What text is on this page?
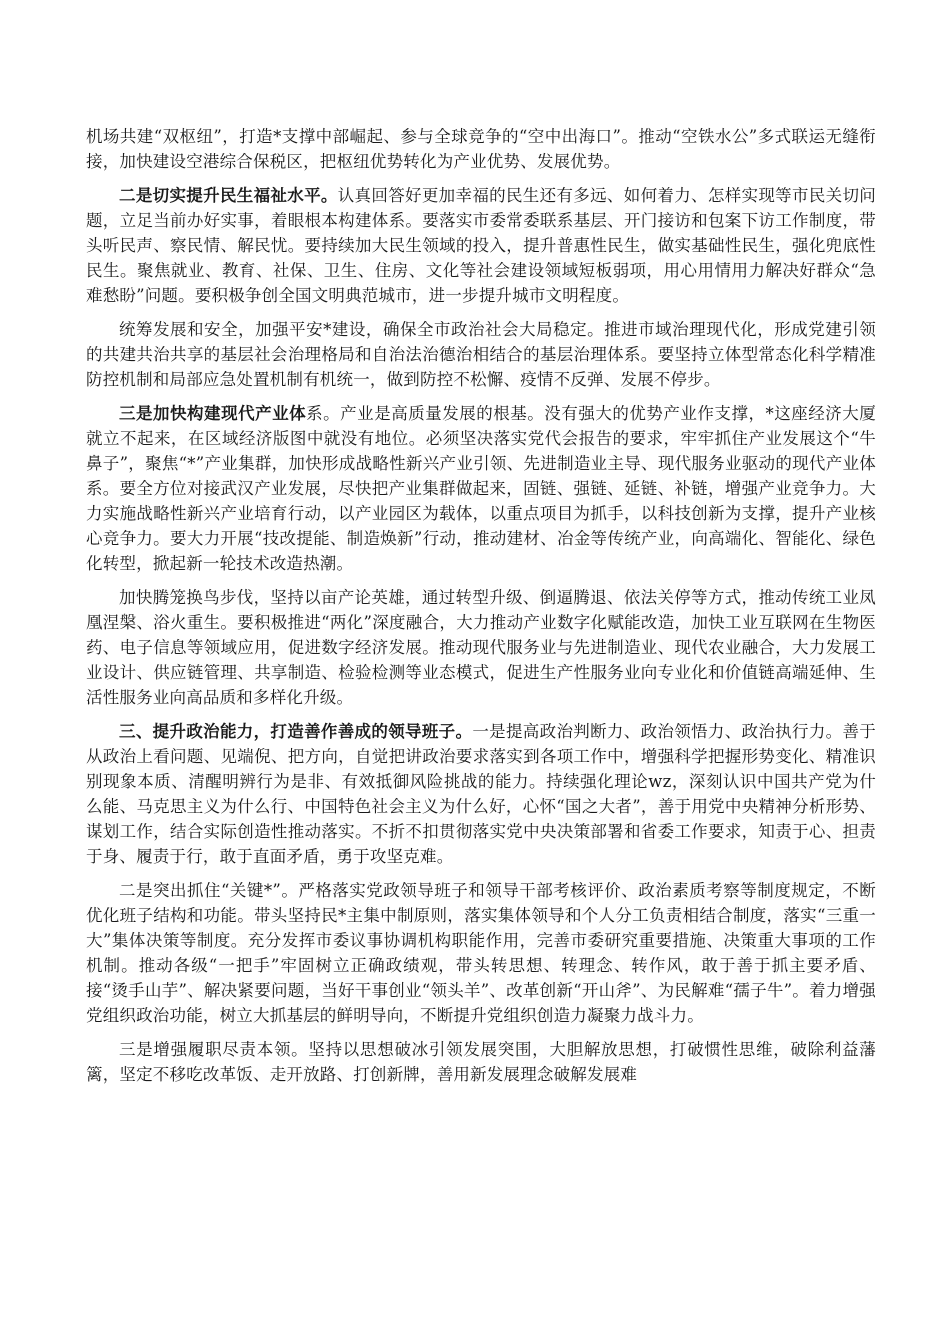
机场共建“双枢纽”，打造*支撑中部崛起、参与全球竞争的“空中出海口”。推动“空铁水公”多式联运无缝衔接，加快建设空港综合保税区，把枢纽优势转化为产业优势、发展优势。

二是切实提升民生福祉水平。认真回答好更加幸福的民生还有多远、如何着力、怎样实现等市民关切问题，立足当前办好实事，着眼根本构建体系。要落实市委常委联系基层、开门接访和包案下访工作制度，带头听民声、察民情、解民忧。要持续加大民生领域的投入，提升普惠性民生，做实基础性民生，强化兜底性民生。聚焦就业、教育、社保、卫生、住房、文化等社会建设领域短板弱项，用心用情用力解决好群众“急难愁盼”问题。要积极争创全国文明典范城市，进一步提升城市文明程度。

统筹发展和安全，加强平安*建设，确保全市政治社会大局稳定。推进市域治理现代化，形成党建引领的共建共治共享的基层社会治理格局和自治法治德治相结合的基层治理体系。要坚持立体型常态化科学精准防控机制和局部应急处置机制有机统一，做到防控不松懈、疫情不反弹、发展不停步。

三是加快构建现代产业体系。产业是高质量发展的根基。没有强大的优势产业作支撑，*这座经济大厦就立不起来，在区域经济版图中就没有地位。必须坚决落实党代会报告的要求，牢牢抓住产业发展这个“牛鼻子”，聚焦“*”产业集群，加快形成战略性新兴产业引领、先进制造业主导、现代服务业驱动的现代产业体系。要全方位对接武汉产业发展，尽快把产业集群做起来，固链、强链、延链、补链，增强产业竞争力。大力实施战略性新兴产业培育行动，以产业园区为载体，以重点项目为抓手，以科技创新为支撑，提升产业核心竞争力。要大力开展“技改提能、制造焕新”行动，推动建材、冶金等传统产业，向高端化、智能化、绿色化转型，掀起新一轮技术改造热潮。

加快腾笼换鸟步伐，坚持以亩产论英雄，通过转型升级、倒逼腾退、依法关停等方式，推动传统工业凤凰涅槃、浴火重生。要积极推进“两化”深度融合，大力推动产业数字化赋能改造，加快工业互联网在生物医药、电子信息等领域应用，促进数字经济发展。推动现代服务业与先进制造业、现代农业融合，大力发展工业设计、供应链管理、共享制造、检验检测等业态模式，促进生产性服务业向专业化和价值链高端延伸、生活性服务业向高品质和多样化升级。

三、提升政治能力，打造善作善成的领导班子。一是提高政治判断力、政治领悟力、政治执行力。善于从政治上看问题、见端倪、把方向，自觉把讲政治要求落实到各项工作中，增强科学把握形势变化、精准识别现象本质、清醒明辨行为是非、有效抵御风险挑战的能力。持续强化理论wz，深刻认识中国共产党为什么能、马克思主义为什么行、中国特色社会主义为什么好，心怀“国之大者”，善于用党中央精神分析形势、谋划工作，结合实际创造性推动落实。不折不扣贯彻落实党中央决策部署和省委工作要求，知责于心、担责于身、履责于行，敢于直面矛盾，勇于攻坚克难。

二是突出抓住“关键*”。严格落实党政领导班子和领导干部考核评价、政治素质考察等制度规定，不断优化班子结构和功能。带头坚持民*主集中制原则，落实集体领导和个人分工负责相结合制度，落实“三重一大”集体决策等制度。充分发挥市委议事协调机构职能作用，完善市委研究重要措施、决策重大事项的工作机制。推动各级“一把手”牢固树立正确政绩观，带头转思想、转理念、转作风，敢于善于抓主要矛盾、接“烫手山芋”、解决紧要问题，当好干事创业“领头羊”、改革创新“开山斧”、为民解难“孺子牛”。着力增强党组织政治功能，树立大抓基层的鲜明导向，不断提升党组织创造力凝聚力战斗力。

三是增强履职尽责本领。坚持以思想破冰引领发展突围，大胆解放思想，打破惯性思维，破除利益藩篱，坚定不移吃改革饭、走开放路、打创新牌，善用新发展理念破解发展难
